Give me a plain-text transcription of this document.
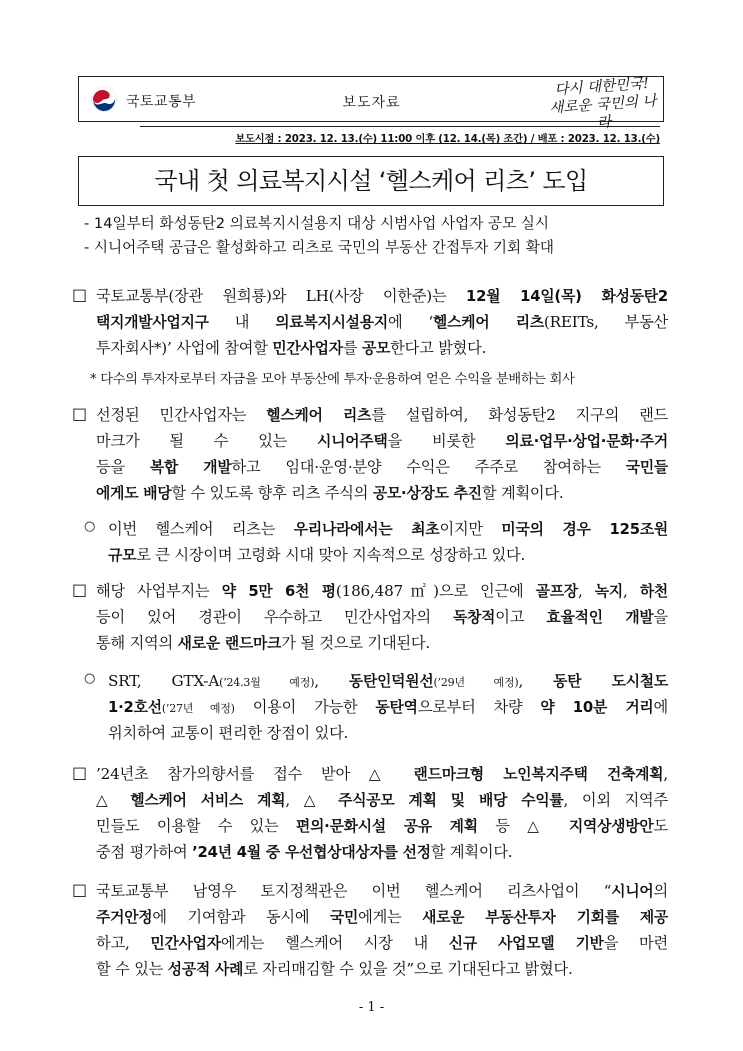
국토교통부	보도자료
다시 대한민국!
새로운 국민의 나라
보도시점 : 2023. 12. 13.(수) 11:00 이후 (12. 14.(목) 조간) / 배포 : 2023. 12. 13.(수)
국내 첫 의료복지시설 ‘헬스케어 리츠’ 도입
- 14일부터 화성동탄2 의료복지시설용지 대상 시범사업 사업자 공모 실시
- 시니어주택 공급은 활성화하고 리츠로 국민의 부동산 간접투자 기회 확대
□ 국토교통부(장관 원희룡)와 LH(사장 이한준)는 12월 14일(목) 화성동탄2
택지개발사업지구 내 의료복지시설용지에 ‘헬스케어 리츠(REITs, 부동산
투자회사*)’ 사업에 참여할 민간사업자를 공모한다고 밝혔다.
* 다수의 투자자로부터 자금을 모아 부동산에 투자·운용하여 얻은 수익을 분배하는 회사
□ 선정된 민간사업자는 헬스케어 리츠를 설립하여, 화성동탄2 지구의 랜드
마크가 될 수 있는 시니어주택을 비롯한 의료·업무·상업·문화·주거
등을 복합 개발하고 임대·운영·분양 수익은 주주로 참여하는 국민들
에게도 배당할 수 있도록 향후 리츠 주식의 공모·상장도 추진할 계획이다.
○ 이번 헬스케어 리츠는 우리나라에서는 최초이지만 미국의 경우 125조원
규모로 큰 시장이며 고령화 시대 맞아 지속적으로 성장하고 있다.
□ 해당 사업부지는 약 5만 6천 평(186,487㎡)으로 인근에 골프장, 녹지, 하천
등이 있어 경관이 우수하고 민간사업자의 독창적이고 효율적인 개발을
통해 지역의 새로운 랜드마크가 될 것으로 기대된다.
○ SRT, GTX-A(’24.3월 예정), 동탄인덕원선(’29년 예정), 동탄 도시철도
1·2호선(’27년 예정) 이용이 가능한 동탄역으로부터 차량 약 10분 거리에
위치하여 교통이 편리한 장점이 있다.
□ ’24년초 참가의향서를 접수 받아 △ 랜드마크형 노인복지주택 건축계획,
△ 헬스케어 서비스 계획, △ 주식공모 계획 및 배당 수익률, 이외 지역주
민들도 이용할 수 있는 편의·문화시설 공유 계획 등 △ 지역상생방안도
중점 평가하여 ’24년 4월 중 우선협상대상자를 선정할 계획이다.
□ 국토교통부 남영우 토지정책관은 이번 헬스케어 리츠사업이 “시니어의
주거안정에 기여함과 동시에 국민에게는 새로운 부동산투자 기회를 제공
하고, 민간사업자에게는 헬스케어 시장 내 신규 사업모델 기반을 마련
할 수 있는 성공적 사례로 자리매김할 수 있을 것”으로 기대된다고 밝혔다.
- 1 -
